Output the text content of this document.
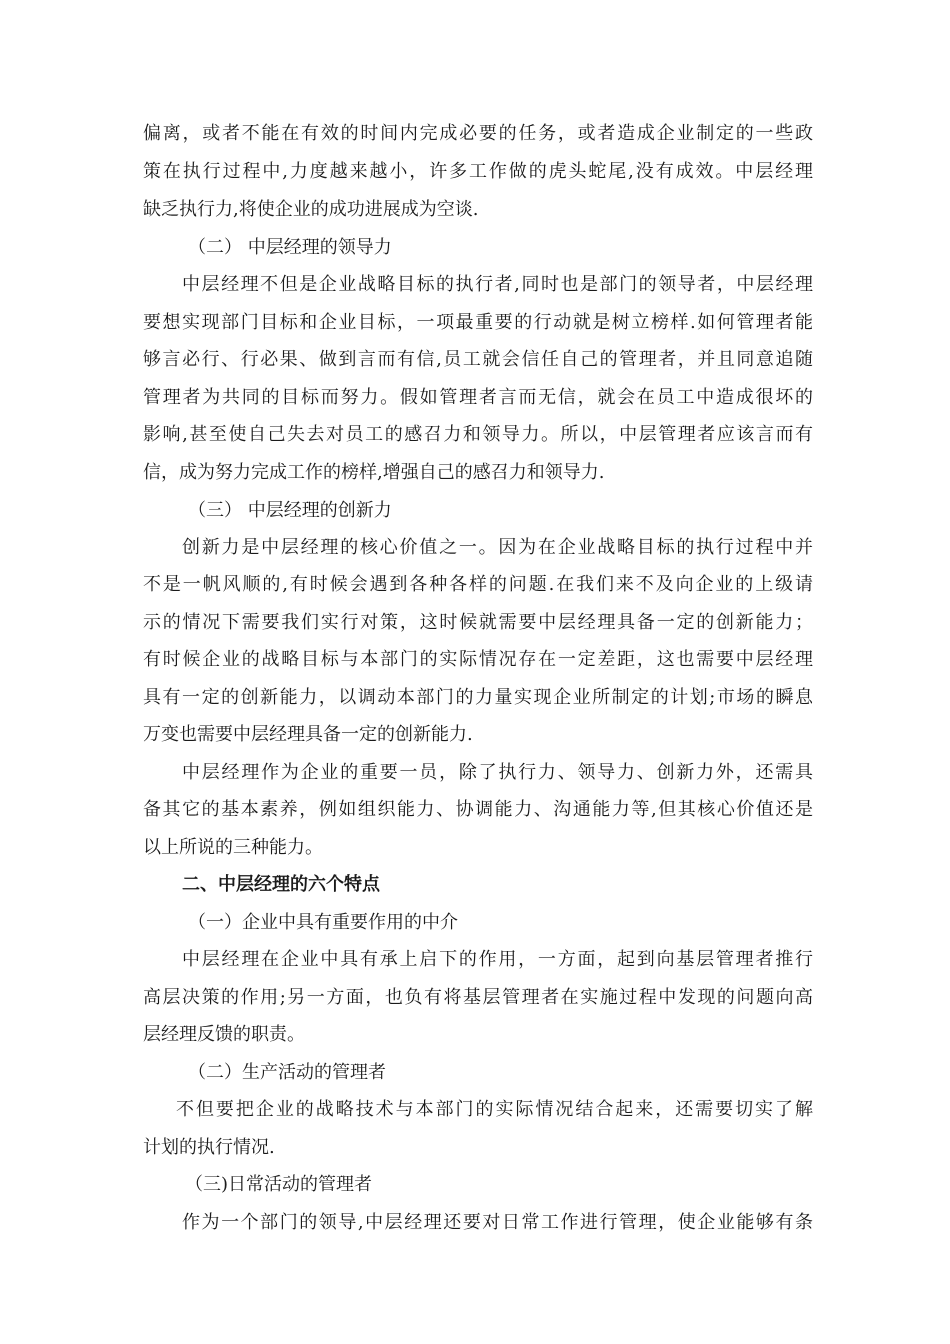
偏离，或者不能在有效的时间内完成必要的任务，或者造成企业制定的一些政
策在执行过程中,力度越来越小，许多工作做的虎头蛇尾,没有成效。中层经理
缺乏执行力,将使企业的成功进展成为空谈.
（二） 中层经理的领导力
中层经理不但是企业战略目标的执行者,同时也是部门的领导者，中层经理
要想实现部门目标和企业目标，一项最重要的行动就是树立榜样.如何管理者能
够言必行、行必果、做到言而有信,员工就会信任自己的管理者，并且同意追随
管理者为共同的目标而努力。假如管理者言而无信，就会在员工中造成很坏的
影响,甚至使自己失去对员工的感召力和领导力。所以，中层管理者应该言而有
信，成为努力完成工作的榜样,增强自己的感召力和领导力.
（三） 中层经理的创新力
创新力是中层经理的核心价值之一。因为在企业战略目标的执行过程中并
不是一帆风顺的,有时候会遇到各种各样的问题.在我们来不及向企业的上级请
示的情况下需要我们实行对策，这时候就需要中层经理具备一定的创新能力；
有时候企业的战略目标与本部门的实际情况存在一定差距，这也需要中层经理
具有一定的创新能力，以调动本部门的力量实现企业所制定的计划;市场的瞬息
万变也需要中层经理具备一定的创新能力.
中层经理作为企业的重要一员，除了执行力、领导力、创新力外，还需具
备其它的基本素养，例如组织能力、协调能力、沟通能力等,但其核心价值还是
以上所说的三种能力。
二、中层经理的六个特点
（一）企业中具有重要作用的中介
中层经理在企业中具有承上启下的作用，一方面，起到向基层管理者推行
高层决策的作用;另一方面，也负有将基层管理者在实施过程中发现的问题向高
层经理反馈的职责。
（二）生产活动的管理者
不但要把企业的战略技术与本部门的实际情况结合起来，还需要切实了解
计划的执行情况.
（三)日常活动的管理者
作为一个部门的领导,中层经理还要对日常工作进行管理，使企业能够有条
